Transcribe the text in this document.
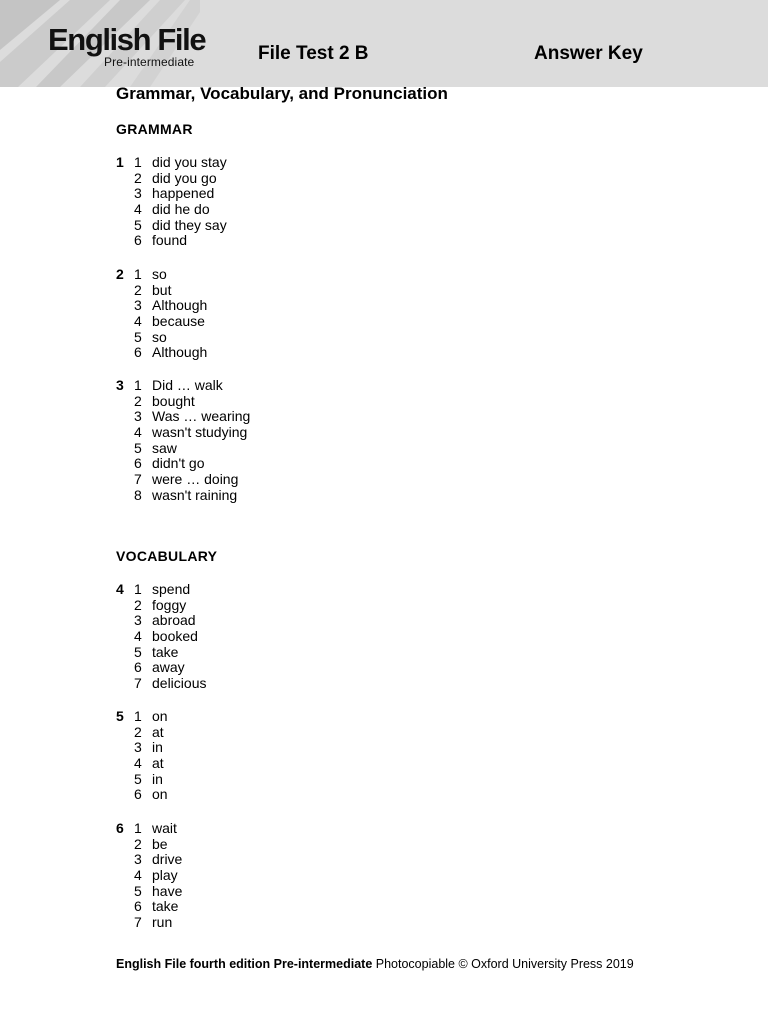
English File
Pre-intermediate	File Test 2 B	Answer Key
Grammar, Vocabulary, and Pronunciation
GRAMMAR
1 1 did you stay
2 did you go
3 happened
4 did he do
5 did they say
6 found
2 1 so
2 but
3 Although
4 because
5 so
6 Although
3 1 Did … walk
2 bought
3 Was … wearing
4 wasn't studying
5 saw
6 didn't go
7 were … doing
8 wasn't raining
VOCABULARY
4 1 spend
2 foggy
3 abroad
4 booked
5 take
6 away
7 delicious
5 1 on
2 at
3 in
4 at
5 in
6 on
6 1 wait
2 be
3 drive
4 play
5 have
6 take
7 run
English File fourth edition Pre-intermediate Photocopiable © Oxford University Press 2019
